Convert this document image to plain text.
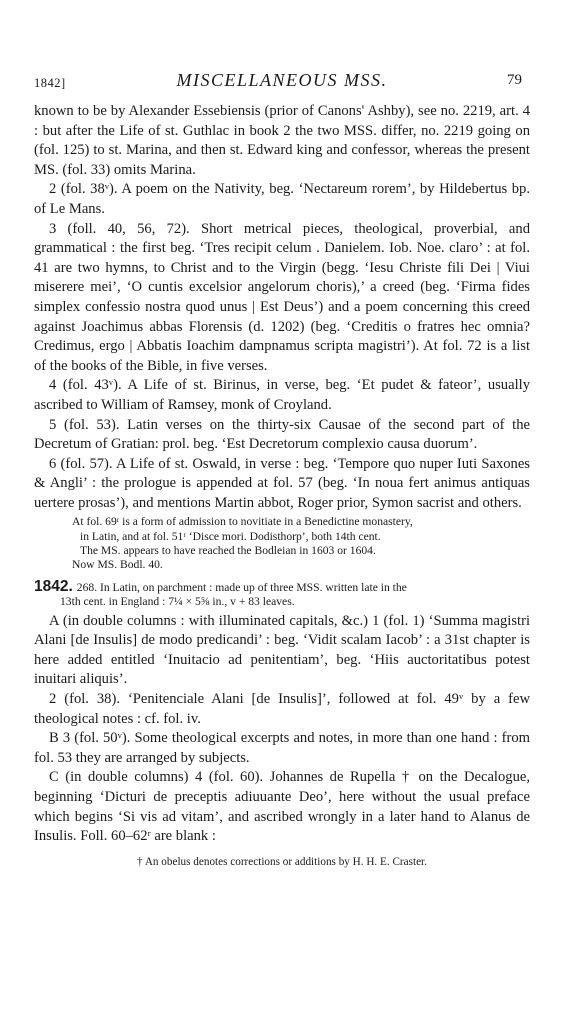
1842]	MISCELLANEOUS MSS.	79

known to be by Alexander Essebiensis (prior of Canons' Ashby), see no. 2219, art. 4 : but after the Life of st. Guthlac in book 2 the two MSS. differ, no. 2219 going on (fol. 125) to st. Marina, and then st. Edward king and confessor, whereas the present MS. (fol. 33) omits Marina.

2 (fol. 38ᵛ). A poem on the Nativity, beg. ‘Nectareum rorem’, by Hildebertus bp. of Le Mans.

3 (foll. 40, 56, 72). Short metrical pieces, theological, proverbial, and grammatical : the first beg. ‘Tres recipit celum . Danielem. Iob. Noe. claro’ : at fol. 41 are two hymns, to Christ and to the Virgin (begg. ‘Iesu Christe fili Dei | Viui miserere mei’, ‘O cuntis excelsior angelorum choris),’ a creed (beg. ‘Firma fides simplex confessio nostra quod unus | Est Deus’) and a poem concerning this creed against Joachimus abbas Florensis (d. 1202) (beg. ‘Creditis o fratres hec omnia? Credimus, ergo | Abbatis Ioachim dampnamus scripta magistri’). At fol. 72 is a list of the books of the Bible, in five verses.

4 (fol. 43ᵛ). A Life of st. Birinus, in verse, beg. ‘Et pudet & fateor’, usually ascribed to William of Ramsey, monk of Croyland.

5 (fol. 53). Latin verses on the thirty-six Causae of the second part of the Decretum of Gratian: prol. beg. ‘Est Decretorum complexio causa duorum’.

6 (fol. 57). A Life of st. Oswald, in verse : beg. ‘Tempore quo nuper Iuti Saxones & Angli’ : the prologue is appended at fol. 57 (beg. ‘In noua fert animus antiquas uertere prosas’), and mentions Martin abbot, Roger prior, Symon sacrist and others.

At fol. 69ʳ is a form of admission to novitiate in a Benedictine monastery,
in Latin, and at fol. 51ʳ ‘Disce mori. Dodisthorp’, both 14th cent.
The MS. appears to have reached the Bodleian in 1603 or 1604.
Now MS. Bodl. 40.
1842. 268. In Latin, on parchment : made up of three MSS. written late in the
13th cent. in England : 7¼ × 5⅝ in., v + 83 leaves.

A (in double columns : with illuminated capitals, &c.) 1 (fol. 1) ‘Summa magistri Alani [de Insulis] de modo predicandi’ : beg. ‘Vidit scalam Iacob’ : a 31st chapter is here added entitled ‘Inuitacio ad penitentiam’, beg. ‘Hiis auctoritatibus potest inuitari aliquis’.

2 (fol. 38). ‘Penitenciale Alani [de Insulis]’, followed at fol. 49ᵛ by a few theological notes : cf. fol. iv.

B 3 (fol. 50ᵛ). Some theological excerpts and notes, in more than one hand : from fol. 53 they are arranged by subjects.

C (in double columns) 4 (fol. 60). Johannes de Rupella † on the Decalogue, beginning ‘Dicturi de preceptis adiuuante Deo’, here without the usual preface which begins ‘Si vis ad vitam’, and ascribed wrongly in a later hand to Alanus de Insulis. Foll. 60–62ʳ are blank :

† An obelus denotes corrections or additions by H. H. E. Craster.
